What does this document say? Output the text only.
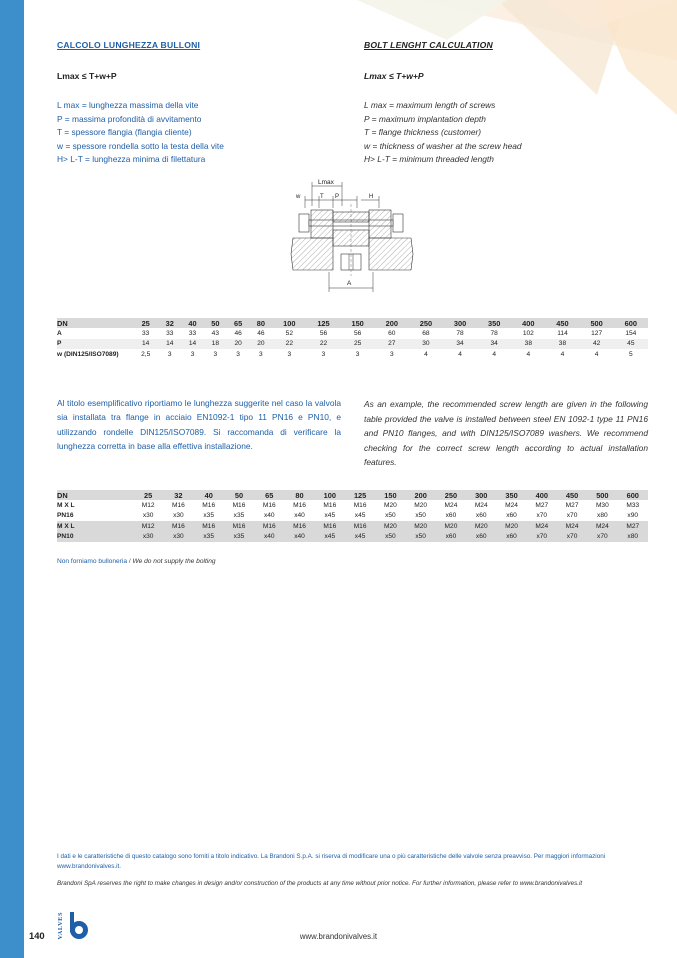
CALCOLO LUNGHEZZA BULLONI
Lmax ≤ T+w+P
L max = lunghezza massima della vite
P = massima profondità di avvitamento
T = spessore flangia (flangia cliente)
w = spessore rondella sotto la testa della vite
H> L-T = lunghezza minima di filettatura
BOLT LENGHT CALCULATION
Lmax ≤ T+w+P
L max = maximum length of screws
P = maximum implantation depth
T = flange thickness (customer)
w = thickness of washer at the screw head
H> L-T = minimum threaded length
Lmax
w	T P	H
A
DN	25	32	40	50	65	80	100	125	150	200	250	300	350	400	450	500	600
A	33	33	33	43	46	46	52	56	56	60	68	78	78	102	114	127	154
P	14	14	14	18	20	20	22	22	25	27	30	34	34	38	38	42	45
w (DIN125/ISO7089)	2,5	3	3	3	3	3	3	3	3	3	4	4	4	4	4	4	5
Al titolo esemplificativo riportiamo le lunghezza suggerite nel caso la valvola sia installata tra flange in acciaio EN1092-1 tipo 11 PN16 e PN10, e utilizzando rondelle DIN125/ISO7089. Si raccomanda di verificare la lunghezza corretta in base alla effettiva installazione.
As an example, the recommended screw length are given in the following table provided the valve is installed between steel EN 1092-1 type 11 PN16 and PN10 flanges, and with DIN125/ISO7089 washers. We recommend checking for the correct screw length according to actual installation features.
DN	25	32	40	50	65	80	100	125	150	200	250	300	350	400	450	500	600
M X L	M12	M16	M16	M16	M16	M16	M16	M16	M20	M20	M24	M24	M24	M27	M27	M30	M33
PN16	x30	x30	x35	x35	x40	x40	x45	x45	x50	x50	x60	x60	x60	x70	x70	x80	x90
M X L	M12	M16	M16	M16	M16	M16	M16	M16	M20	M20	M20	M20	M20	M24	M24	M24	M27
PN10	x30	x30	x35	x35	x40	x40	x45	x45	x50	x50	x60	x60	x60	x70	x70	x70	x80
Non forniamo bulloneria / We do not supply the bolting
I dati e le caratteristiche di questo catalogo sono forniti a titolo indicativo. La Brandoni S.p.A. si riserva di modificare una o più caratteristiche delle valvole senza preavviso. Per maggiori informazioni www.brandonivalves.it.
Brandoni SpA reserves the right to make changes in design and/or construction of the products at any time without prior notice. For further information, please refer to www.brandonivalves.it
140 VALVES	www.brandonivalves.it
